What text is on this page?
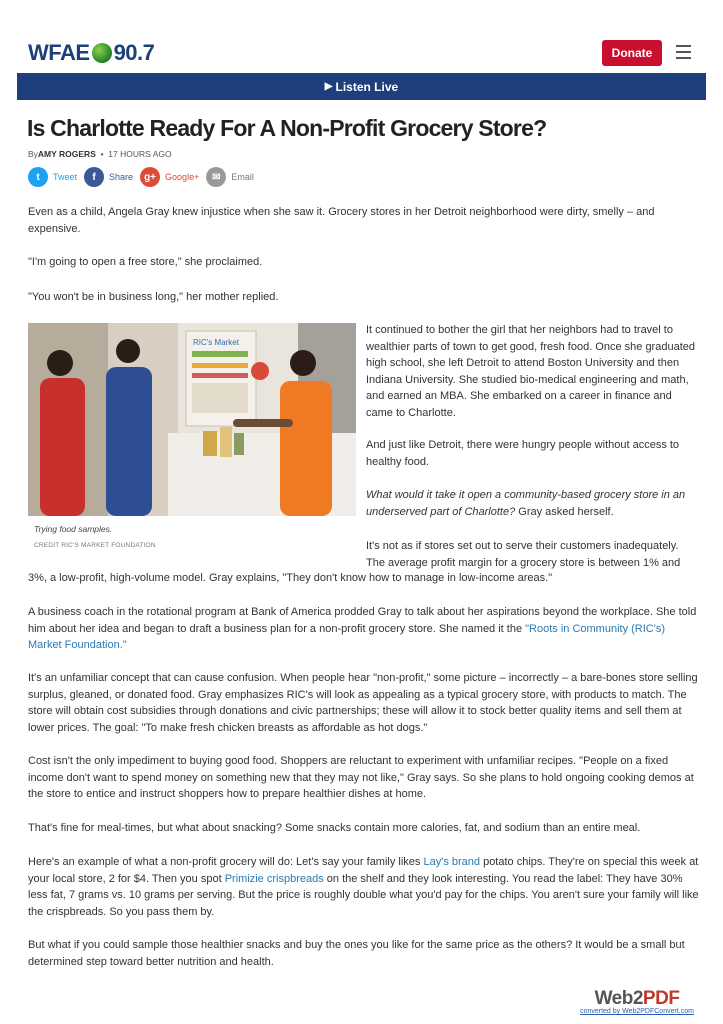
WFAE 90.7	Donate
▶ Listen Live
Is Charlotte Ready For A Non-Profit Grocery Store?
ByAMY ROGERS  •  17 HOURS AGO
t	Tweet	f	Share	g+	Google+	✉	Email

Even as a child, Angela Gray knew injustice when she saw it. Grocery stores in her Detroit neighborhood were dirty, smelly – and expensive.

"I'm going to open a free store," she proclaimed.

"You won't be in business long," her mother replied.

RIC's Market
Trying food samples.
CREDIT RIC'S MARKET FOUNDATION

It continued to bother the girl that her neighbors had to travel to wealthier parts of town to get good, fresh food. Once she graduated high school, she left Detroit to attend Boston University and then Indiana University. She studied bio-medical engineering and math, and earned an MBA. She embarked on a career in finance and came to Charlotte.

And just like Detroit, there were hungry people without access to healthy food.

What would it take it open a community-based grocery store in an underserved part of Charlotte? Gray asked herself.

It's not as if stores set out to serve their customers inadequately. The average profit margin for a grocery store is between 1% and

3%, a low-profit, high-volume model. Gray explains, "They don't know how to manage in low-income areas."

A business coach in the rotational program at Bank of America prodded Gray to talk about her aspirations beyond the workplace. She told him about her idea and began to draft a business plan for a non-profit grocery store. She named it the "Roots in Community (RIC's) Market Foundation."

It's an unfamiliar concept that can cause confusion. When people hear "non-profit," some picture – incorrectly – a bare-bones store selling surplus, gleaned, or donated food. Gray emphasizes RIC's will look as appealing as a typical grocery store, with products to match. The store will obtain cost subsidies through donations and civic partnerships; these will allow it to stock better quality items and sell them at lower prices. The goal: "To make fresh chicken breasts as affordable as hot dogs."

Cost isn't the only impediment to buying good food. Shoppers are reluctant to experiment with unfamiliar recipes. "People on a fixed income don't want to spend money on something new that they may not like," Gray says. So she plans to hold ongoing cooking demos at the store to entice and instruct shoppers how to prepare healthier dishes at home.

That's fine for meal-times, but what about snacking? Some snacks contain more calories, fat, and sodium than an entire meal.

Here's an example of what a non-profit grocery will do: Let's say your family likes Lay's brand potato chips. They're on special this week at your local store, 2 for $4. Then you spot Primizie crispbreads on the shelf and they look interesting. You read the label: They have 30% less fat, 7 grams vs. 10 grams per serving. But the price is roughly double what you'd pay for the chips. You aren't sure your family will like the crispbreads. So you pass them by.

But what if you could sample those healthier snacks and buy the ones you like for the same price as the others? It would be a small but determined step toward better nutrition and health.

Web2PDF
converted by Web2PDFConvert.com
